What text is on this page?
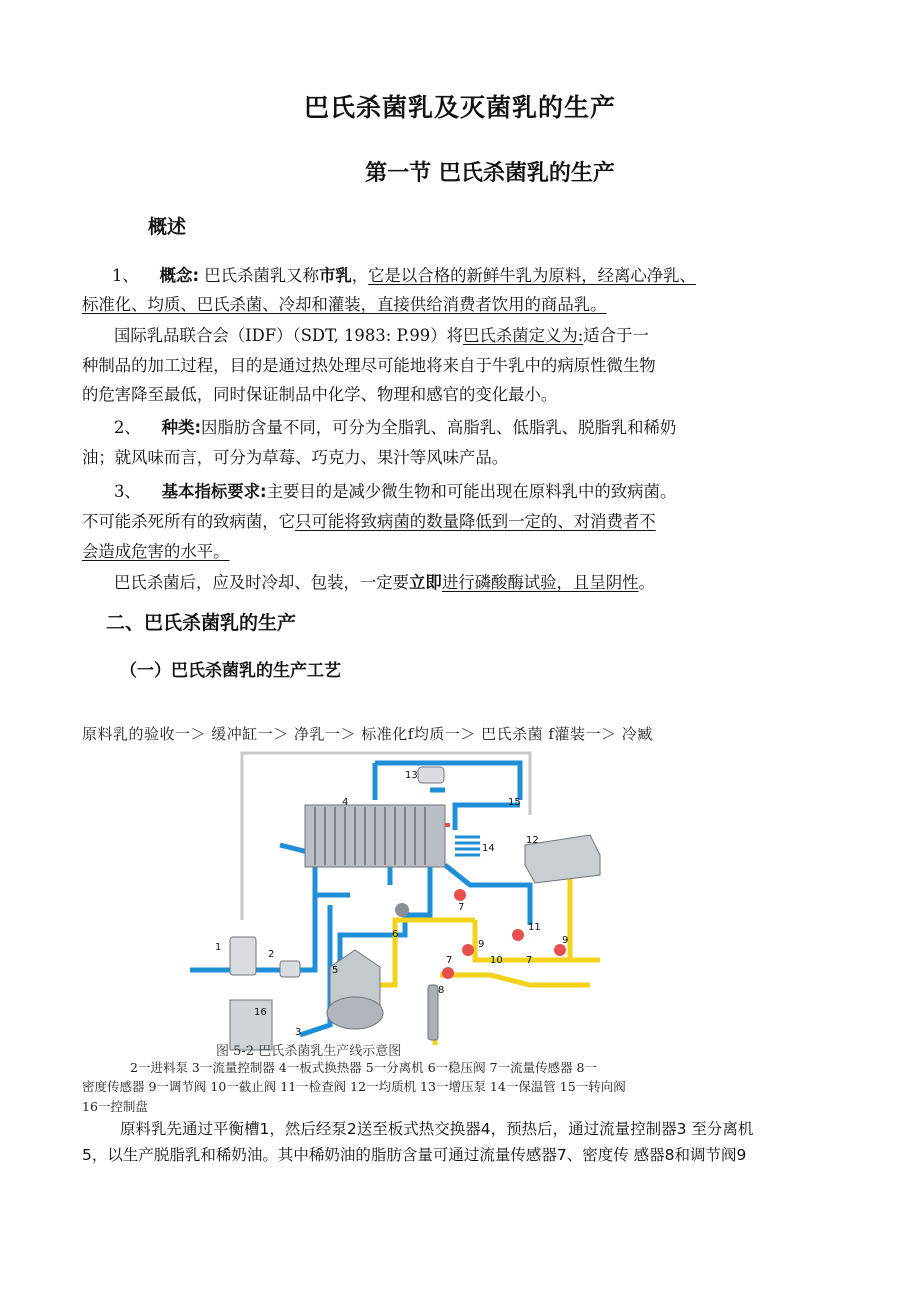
巴氏杀菌乳及灭菌乳的生产
第一节 巴氏杀菌乳的生产
概述
1、 概念: 巴氏杀菌乳又称市乳，它是以合格的新鲜牛乳为原料，经离心净乳、
标准化、均质、巴氏杀菌、冷却和灌装，直接供给消费者饮用的商品乳。
国际乳品联合会（IDF）（SDT, 1983: P.99）将巴氏杀菌定义为:适合于一
种制品的加工过程，目的是通过热处理尽可能地将来自于牛乳中的病原性微生物
的危害降至最低，同时保证制品中化学、物理和感官的变化最小。
2、 种类:因脂肪含量不同，可分为全脂乳、高脂乳、低脂乳、脱脂乳和稀奶
油；就风味而言，可分为草莓、巧克力、果汁等风味产品。
3、 基本指标要求:主要目的是减少微生物和可能出现在原料乳中的致病菌。
不可能杀死所有的致病菌，它只可能将致病菌的数量降低到一定的、对消费者不
会造成危害的水平。
巴氏杀菌后，应及时冷却、包装，一定要立即进行磷酸酶试验，且呈阴性。
二、巴氏杀菌乳的生产
（一）巴氏杀菌乳的生产工艺
原料乳的验收一＞ 缓冲缸一＞ 净乳一＞ 标准化f均质一＞ 巴氏杀菌 f灌装一＞ 冷臧
1
2
3
4
5
6
7
7	7
8
9	9
10
11
12
13
14
15
16
图 5-2 巴氏杀菌乳生产线示意图
2一进料泵 3一流量控制器 4一板式换热器 5一分离机 6一稳压阀 7一流量传感器 8一
密度传感器 9一调节阀 10一截止阀 11一检查阀 12一均质机 13一增压泵 14一保温管 15一转向阀
16一控制盘
原料乳先通过平衡槽1，然后经泵2送至板式热交换器4，预热后，通过流量控制器3 至分离机
5，以生产脱脂乳和稀奶油。其中稀奶油的脂肪含量可通过流量传感器7、密度传 感器8和调节阀9
